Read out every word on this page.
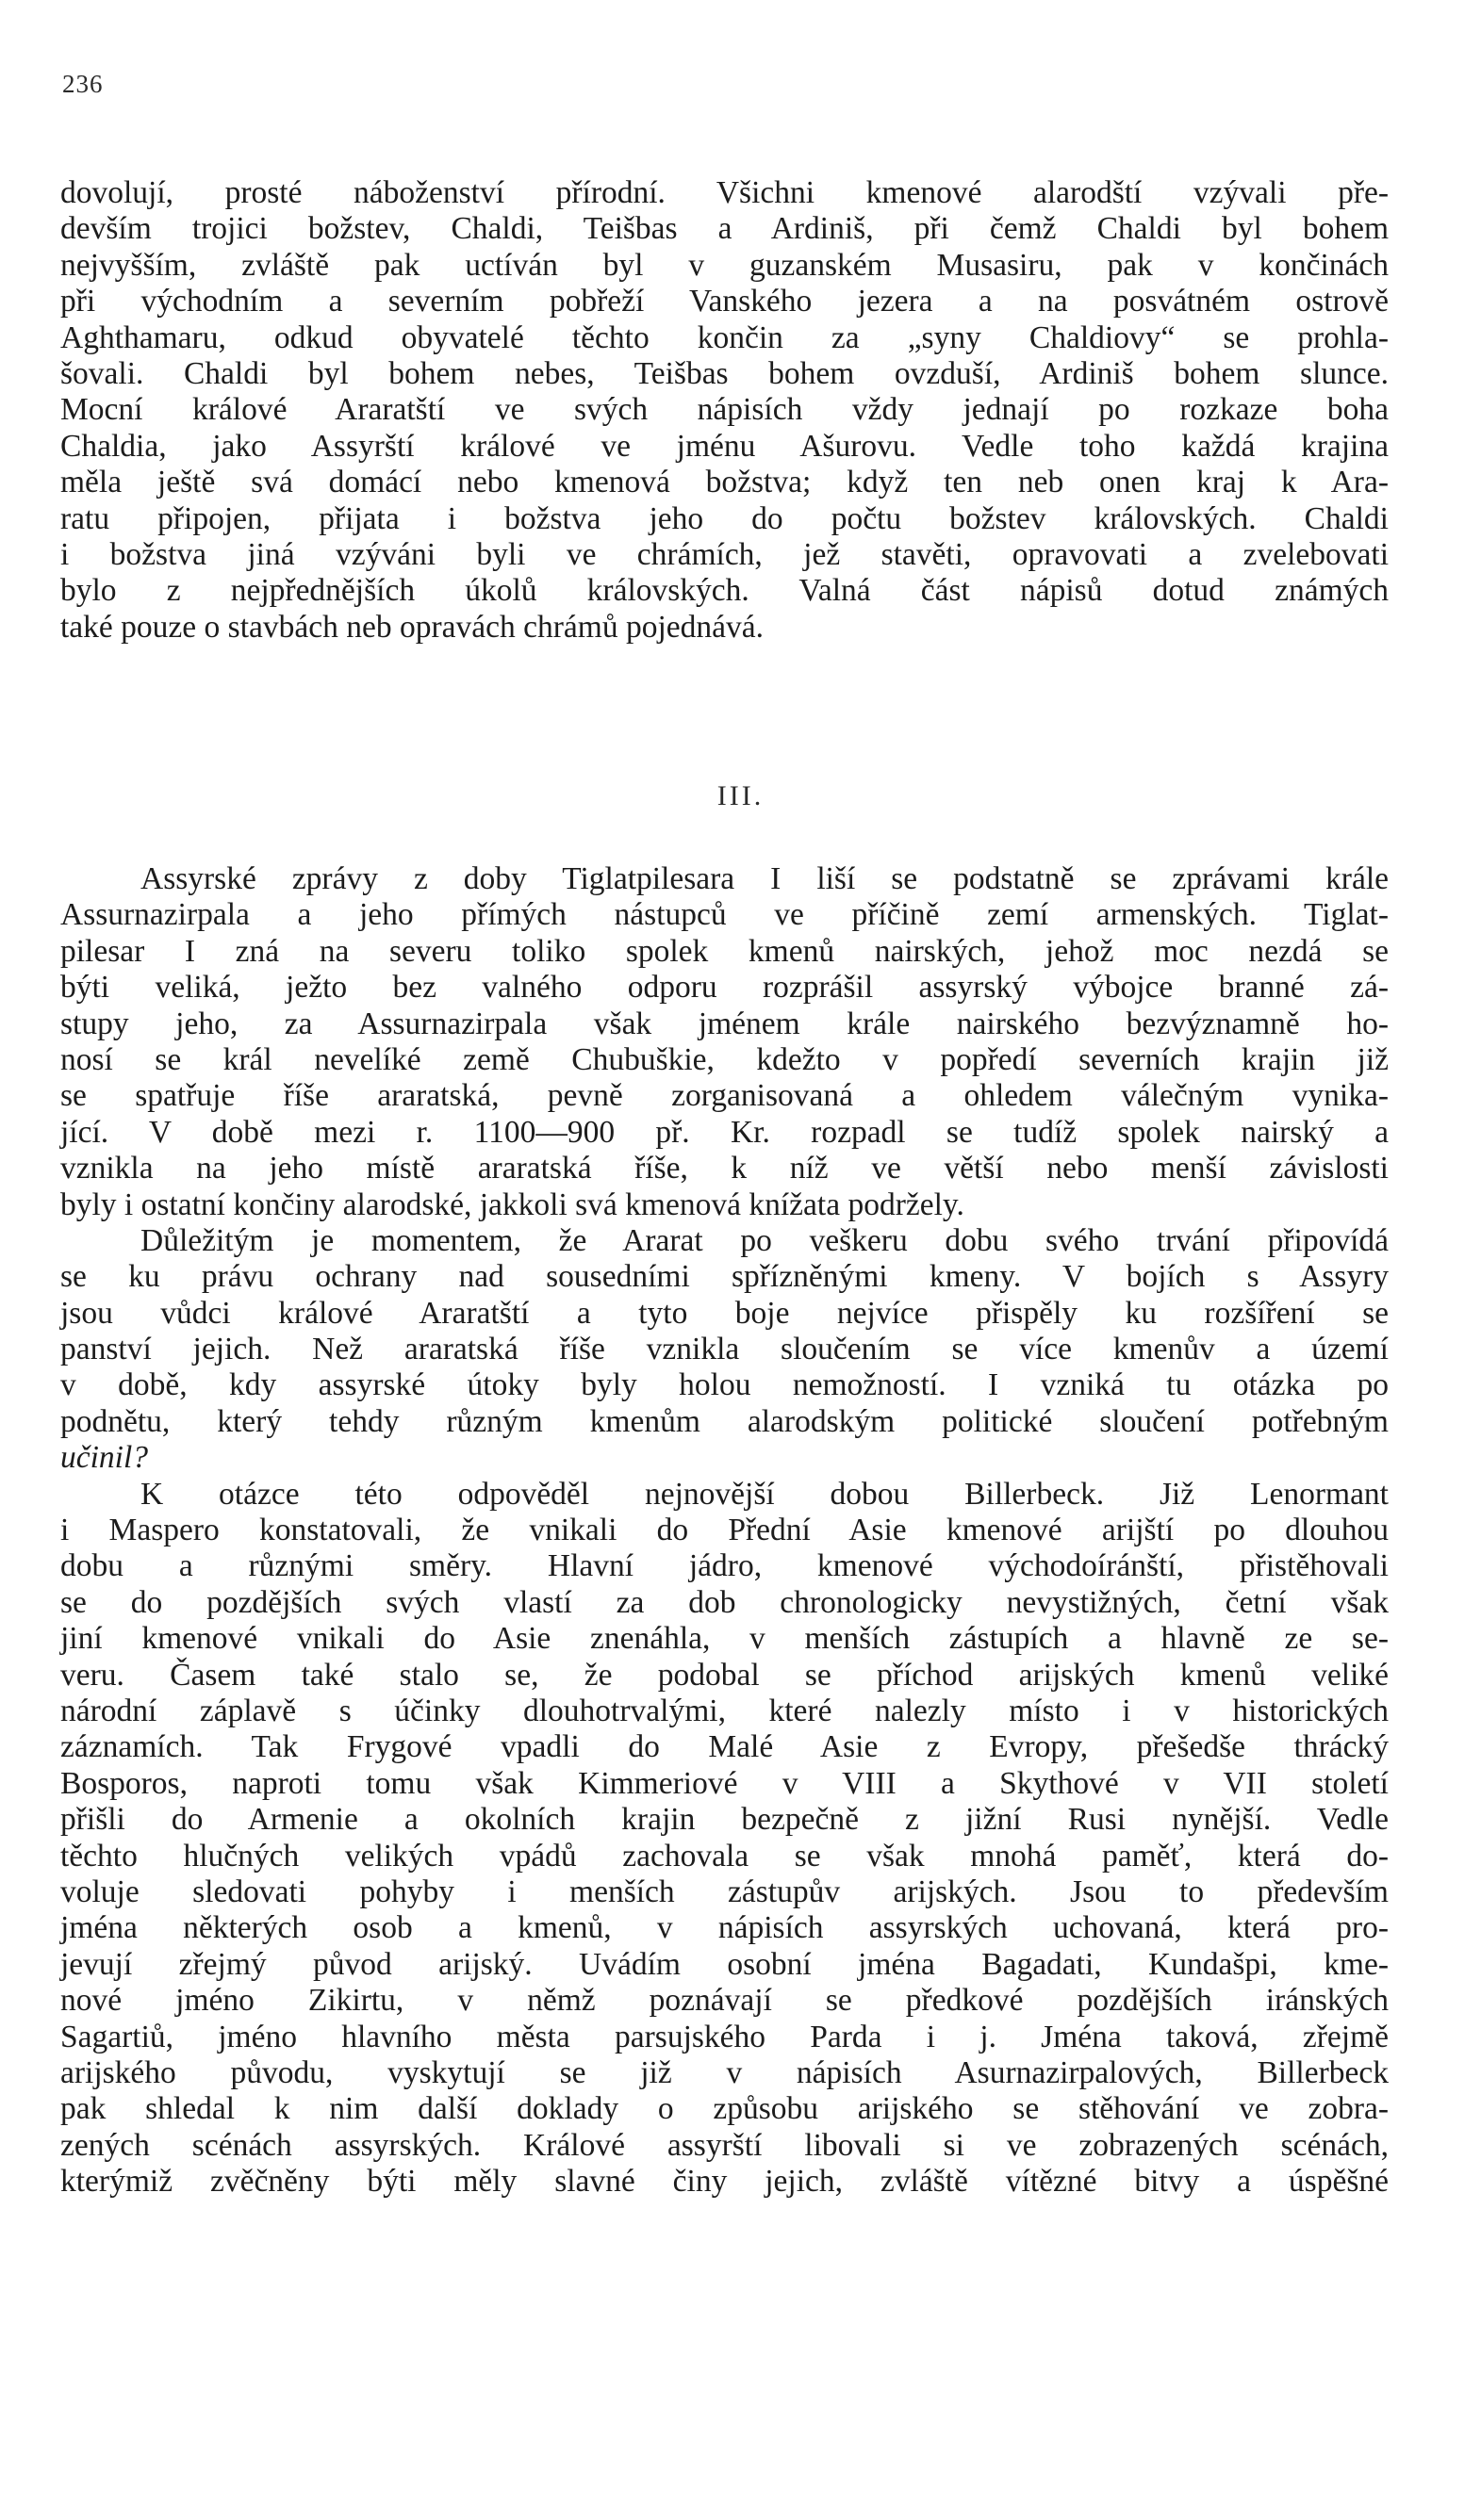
236
dovolují, prosté náboženství přírodní. Všichni kmenové alarodští vzývali pře-
devším trojici božstev, Chaldi, Teišbas a Ardiniš, při čemž Chaldi byl bohem
nejvyšším, zvláště pak uctíván byl v guzanském Musasiru, pak v končinách
při východním a severním pobřeží Vanského jezera a na posvátném ostrově
Aghthamaru, odkud obyvatelé těchto končin za „syny Chaldiovy“ se prohla-
šovali. Chaldi byl bohem nebes, Teišbas bohem ovzduší, Ardiniš bohem slunce.
Mocní králové Araratští ve svých nápisích vždy jednají po rozkaze boha
Chaldia, jako Assyrští králové ve jménu Ašurovu. Vedle toho každá krajina
měla ještě svá domácí nebo kmenová božstva; když ten neb onen kraj k Ara-
ratu připojen, přijata i božstva jeho do počtu božstev královských. Chaldi
i božstva jiná vzýváni byli ve chrámích, jež stavěti, opravovati a zvelebovati
bylo z nejpřednějších úkolů královských. Valná část nápisů dotud známých
také pouze o stavbách neb opravách chrámů pojednává.
III.
Assyrské zprávy z doby Tiglatpilesara I liší se podstatně se zprávami krále
Assurnazirpala a jeho přímých nástupců ve příčině zemí armenských. Tiglat-
pilesar I zná na severu toliko spolek kmenů nairských, jehož moc nezdá se
býti veliká, ježto bez valného odporu rozprášil assyrský výbojce branné zá-
stupy jeho, za Assurnazirpala však jménem krále nairského bezvýznamně ho-
nosí se král nevelíké země Chubuškie, kdežto v popředí severních krajin již
se spatřuje říše araratská, pevně zorganisovaná a ohledem válečným vynika-
jící. V době mezi r. 1100—900 př. Kr. rozpadl se tudíž spolek nairský a
vznikla na jeho místě araratská říše, k níž ve větší nebo menší závislosti
byly i ostatní končiny alarodské, jakkoli svá kmenová knížata podržely.
Důležitým je momentem, že Ararat po veškeru dobu svého trvání připovídá
se ku právu ochrany nad sousedními spřízněnými kmeny. V bojích s Assyry
jsou vůdci králové Araratští a tyto boje nejvíce přispěly ku rozšíření se
panství jejich. Než araratská říše vznikla sloučením se více kmenův a území
v době, kdy assyrské útoky byly holou nemožností. I vzniká tu otázka po
podnětu, který tehdy různým kmenům alarodským politické sloučení potřebným
učinil?
K otázce této odpověděl nejnovější dobou Billerbeck. Již Lenormant
i Maspero konstatovali, že vnikali do Přední Asie kmenové arijští po dlouhou
dobu a různými směry. Hlavní jádro, kmenové východoíránští, přistěhovali
se do pozdějších svých vlastí za dob chronologicky nevystižných, četní však
jiní kmenové vnikali do Asie znenáhla, v menších zástupích a hlavně ze se-
veru. Časem také stalo se, že podobal se příchod arijských kmenů veliké
národní záplavě s účinky dlouhotrvalými, které nalezly místo i v historických
záznamích. Tak Frygové vpadli do Malé Asie z Evropy, přešedše thrácký
Bosporos, naproti tomu však Kimmeriové v VIII a Skythové v VII století
přišli do Armenie a okolních krajin bezpečně z jižní Rusi nynější. Vedle
těchto hlučných velikých vpádů zachovala se však mnohá paměť, která do-
voluje sledovati pohyby i menších zástupův arijských. Jsou to především
jména některých osob a kmenů, v nápisích assyrských uchovaná, která pro-
jevují zřejmý původ arijský. Uvádím osobní jména Bagadati, Kundašpi, kme-
nové jméno Zikirtu, v němž poznávají se předkové pozdějších iránských
Sagartiů, jméno hlavního města parsujského Parda i j. Jména taková, zřejmě
arijského původu, vyskytují se již v nápisích Asurnazirpalových, Billerbeck
pak shledal k nim další doklady o způsobu arijského se stěhování ve zobra-
zených scénách assyrských. Králové assyrští libovali si ve zobrazených scénách,
kterýmiž zvěčněny býti měly slavné činy jejich, zvláště vítězné bitvy a úspěšné
